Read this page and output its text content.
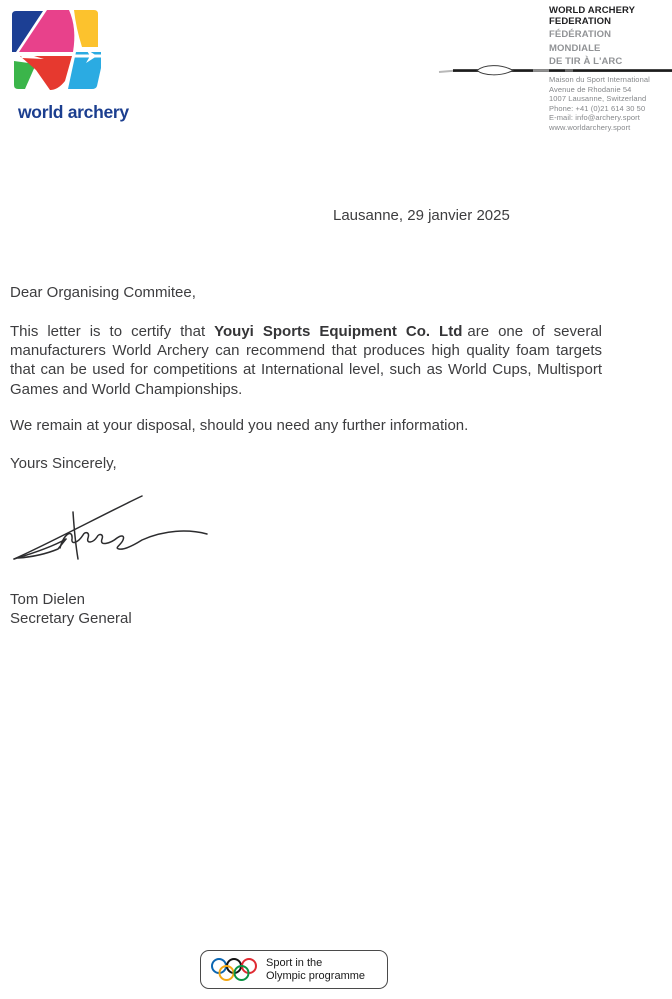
world archery
WORLD ARCHERY
FEDERATION
FÉDÉRATION
MONDIALE
DE TIR À L'ARC
Maison du Sport International
Avenue de Rhodanie 54
1007 Lausanne, Switzerland
Phone: +41 (0)21 614 30 50
E-mail: info@archery.sport
www.worldarchery.sport
Lausanne, 29 janvier 2025
Dear Organising Commitee,

This letter is to certify that Youyi Sports Equipment Co. Ltd are one of several manufacturers World Archery can recommend that produces high quality foam targets that can be used for competitions at International level, such as World Cups, Multisport Games and World Championships.

We remain at your disposal, should you need any further information.
Yours Sincerely,
Tom Dielen
Secretary General
Sport in the
Olympic programme
